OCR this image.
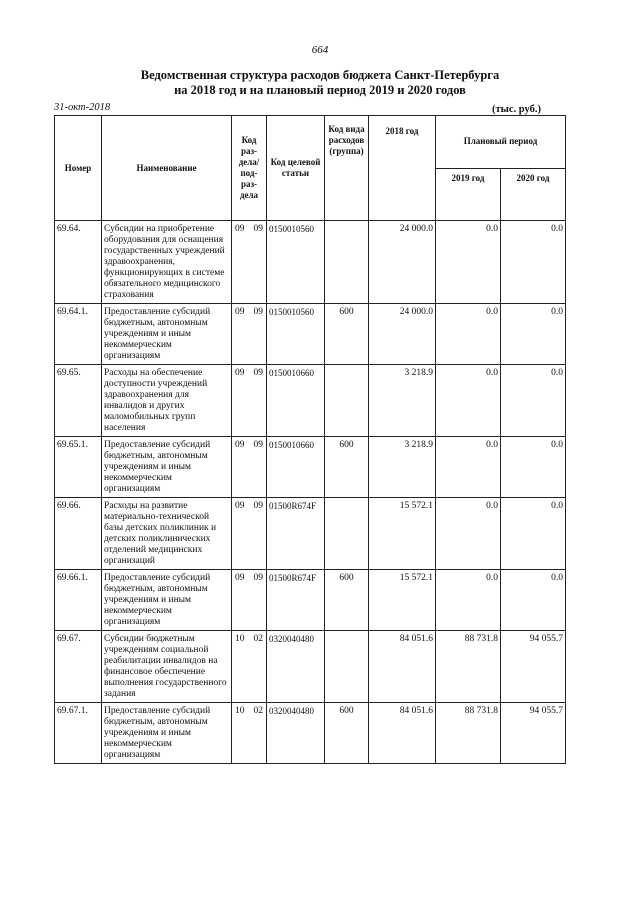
664
Ведомственная структура расходов бюджета Санкт-Петербурга
на 2018 год и на плановый период 2019 и 2020 годов
31-окт-2018	(тыс. руб.)
Номер	Наименование	Код раз- дела/ под- раз- дела	Код целевой статьи	Код вида расходов (группа)	2018 год	Плановый период	
						2019 год	2020 год
69.64.	Субсидии на приобретение оборудования для оснащения государственных учреждений здравоохранения, функционирующих в системе обязательного медицинского страхования	09 09	0150010560		24 000.0	0.0	0.0
69.64.1.	Предоставление субсидий бюджетным, автономным учреждениям и иным некоммерческим организациям	09 09	0150010560	600	24 000.0	0.0	0.0
69.65.	Расходы на обеспечение доступности учреждений здравоохранения для инвалидов и других маломобильных групп населения	09 09	0150010660		3 218.9	0.0	0.0
69.65.1.	Предоставление субсидий бюджетным, автономным учреждениям и иным некоммерческим организациям	09 09	0150010660	600	3 218.9	0.0	0.0
69.66.	Расходы на развитие материально-технической базы детских поликлиник и детских поликлинических отделений медицинских организаций	09 09	01500R674F		15 572.1	0.0	0.0
69.66.1.	Предоставление субсидий бюджетным, автономным учреждениям и иным некоммерческим организациям	09 09	01500R674F	600	15 572.1	0.0	0.0
69.67.	Субсидии бюджетным учреждениям социальной реабилитации инвалидов на финансовое обеспечение выполнения государственного задания	10 02	0320040480		84 051.6	88 731.8	94 055.7
69.67.1.	Предоставление субсидий бюджетным, автономным учреждениям и иным некоммерческим организациям	10 02	0320040480	600	84 051.6	88 731.8	94 055.7
